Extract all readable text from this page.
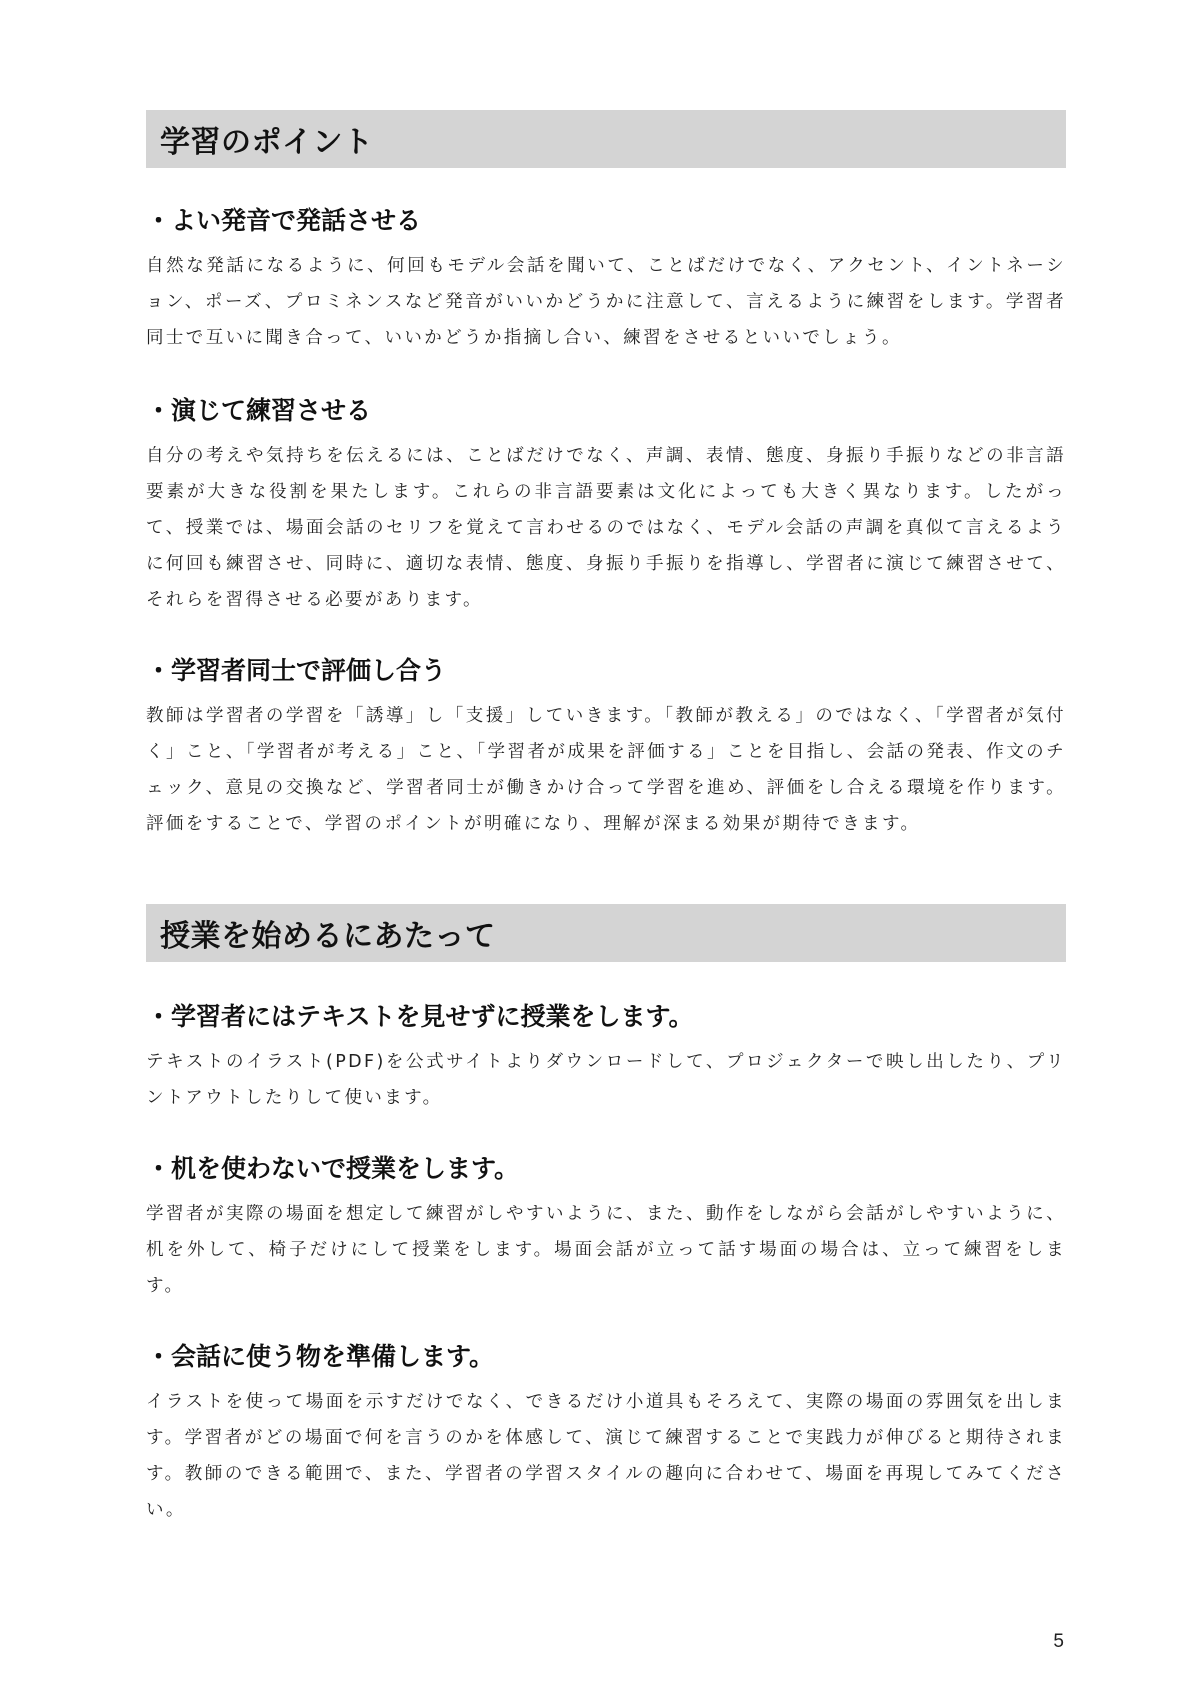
学習のポイント
・よい発音で発話させる

自然な発話になるように、何回もモデル会話を聞いて、ことばだけでなく、アクセント、イントネーション、ポーズ、プロミネンスなど発音がいいかどうかに注意して、言えるように練習をします。学習者同士で互いに聞き合って、いいかどうか指摘し合い、練習をさせるといいでしょう。

・演じて練習させる

自分の考えや気持ちを伝えるには、ことばだけでなく、声調、表情、態度、身振り手振りなどの非言語要素が大きな役割を果たします。これらの非言語要素は文化によっても大きく異なります。したがって、授業では、場面会話のセリフを覚えて言わせるのではなく、モデル会話の声調を真似て言えるように何回も練習させ、同時に、適切な表情、態度、身振り手振りを指導し、学習者に演じて練習させて、それらを習得させる必要があります。

・学習者同士で評価し合う

教師は学習者の学習を「誘導」し「支援」していきます。「教師が教える」のではなく、「学習者が気付く」こと、「学習者が考える」こと、「学習者が成果を評価する」ことを目指し、会話の発表、作文のチェック、意見の交換など、学習者同士が働きかけ合って学習を進め、評価をし合える環境を作ります。評価をすることで、学習のポイントが明確になり、理解が深まる効果が期待できます。

授業を始めるにあたって
・学習者にはテキストを見せずに授業をします。

テキストのイラスト(PDF)を公式サイトよりダウンロードして、プロジェクターで映し出したり、プリントアウトしたりして使います。

・机を使わないで授業をします。

学習者が実際の場面を想定して練習がしやすいように、また、動作をしながら会話がしやすいように、机を外して、椅子だけにして授業をします。場面会話が立って話す場面の場合は、立って練習をします。

・会話に使う物を準備します。

イラストを使って場面を示すだけでなく、できるだけ小道具もそろえて、実際の場面の雰囲気を出します。学習者がどの場面で何を言うのかを体感して、演じて練習することで実践力が伸びると期待されます。教師のできる範囲で、また、学習者の学習スタイルの趣向に合わせて、場面を再現してみてください。

5
